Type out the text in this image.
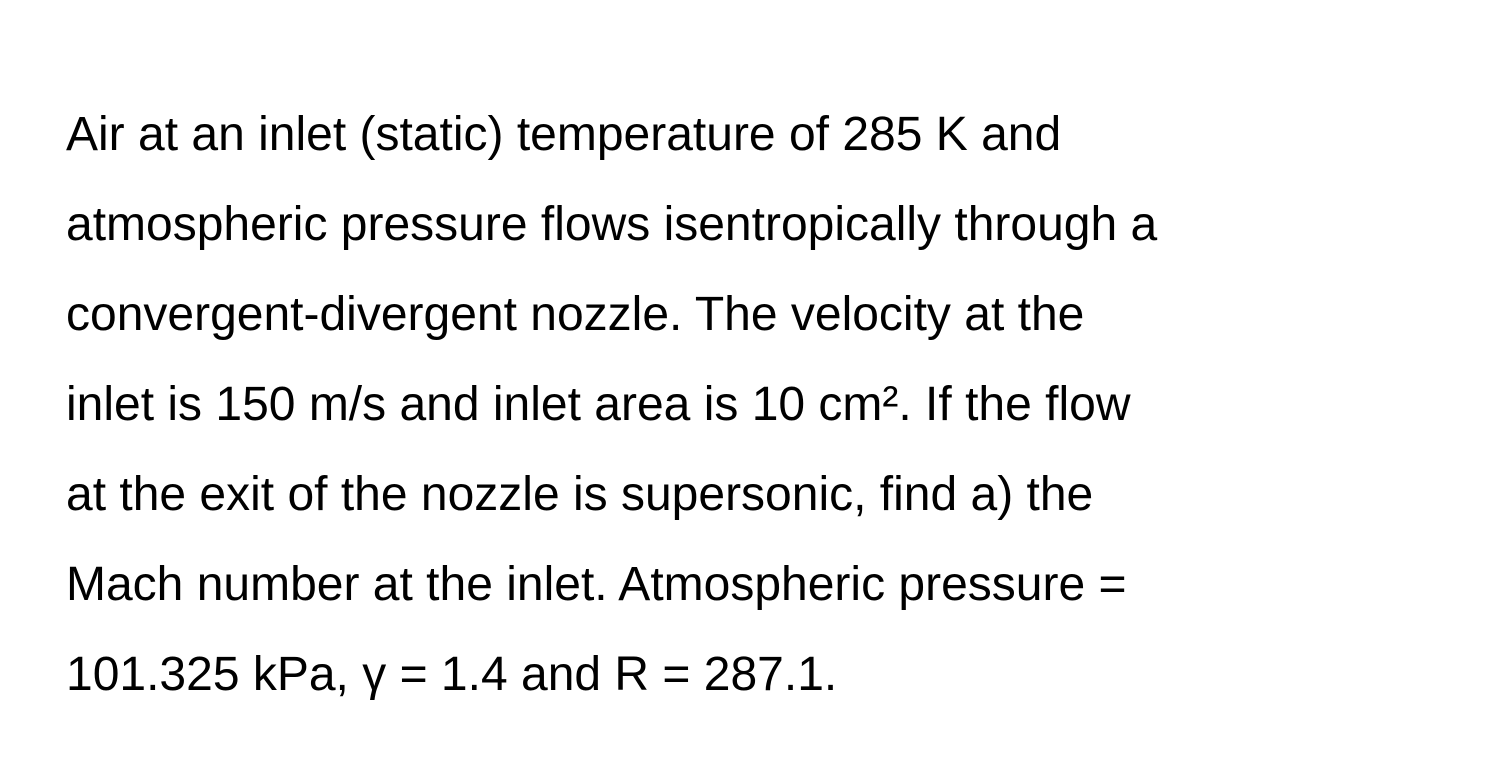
Air at an inlet (static) temperature of 285 K and
atmospheric pressure flows isentropically through a
convergent-divergent nozzle. The velocity at the
inlet is 150 m/s and inlet area is 10 cm². If the flow
at the exit of the nozzle is supersonic, find a) the
Mach number at the inlet. Atmospheric pressure =
101.325 kPa, γ = 1.4 and R = 287.1.
